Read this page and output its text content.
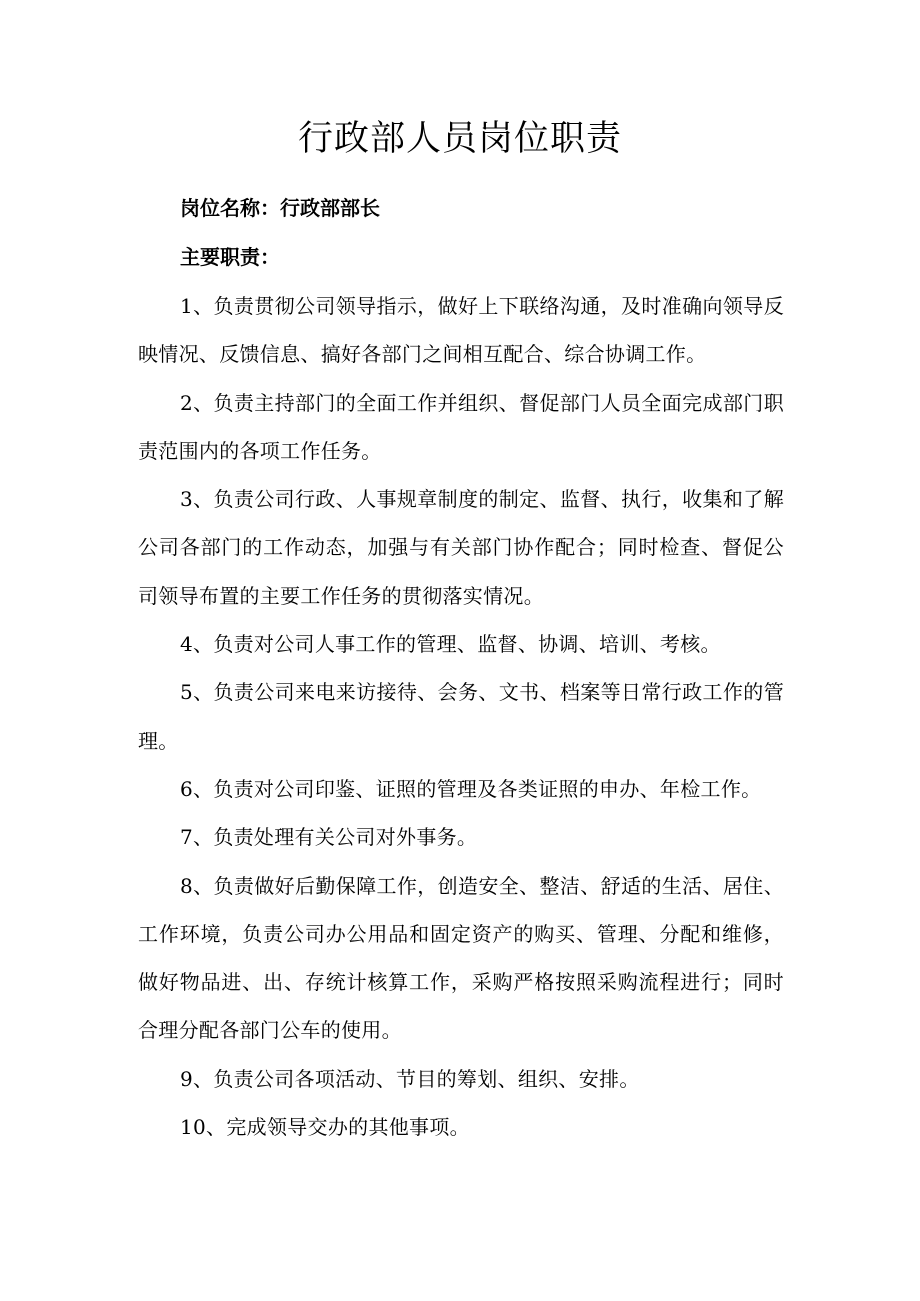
行政部人员岗位职责
岗位名称：行政部部长
主要职责：
1、负责贯彻公司领导指示，做好上下联络沟通，及时准确向领导反映情况、反馈信息、搞好各部门之间相互配合、综合协调工作。
2、负责主持部门的全面工作并组织、督促部门人员全面完成部门职责范围内的各项工作任务。
3、负责公司行政、人事规章制度的制定、监督、执行，收集和了解公司各部门的工作动态，加强与有关部门协作配合；同时检查、督促公司领导布置的主要工作任务的贯彻落实情况。
4、负责对公司人事工作的管理、监督、协调、培训、考核。
5、负责公司来电来访接待、会务、文书、档案等日常行政工作的管理。
6、负责对公司印鉴、证照的管理及各类证照的申办、年检工作。
7、负责处理有关公司对外事务。
8、负责做好后勤保障工作，创造安全、整洁、舒适的生活、居住、工作环境，负责公司办公用品和固定资产的购买、管理、分配和维修，做好物品进、出、存统计核算工作，采购严格按照采购流程进行；同时合理分配各部门公车的使用。
9、负责公司各项活动、节目的筹划、组织、安排。
10、完成领导交办的其他事项。
